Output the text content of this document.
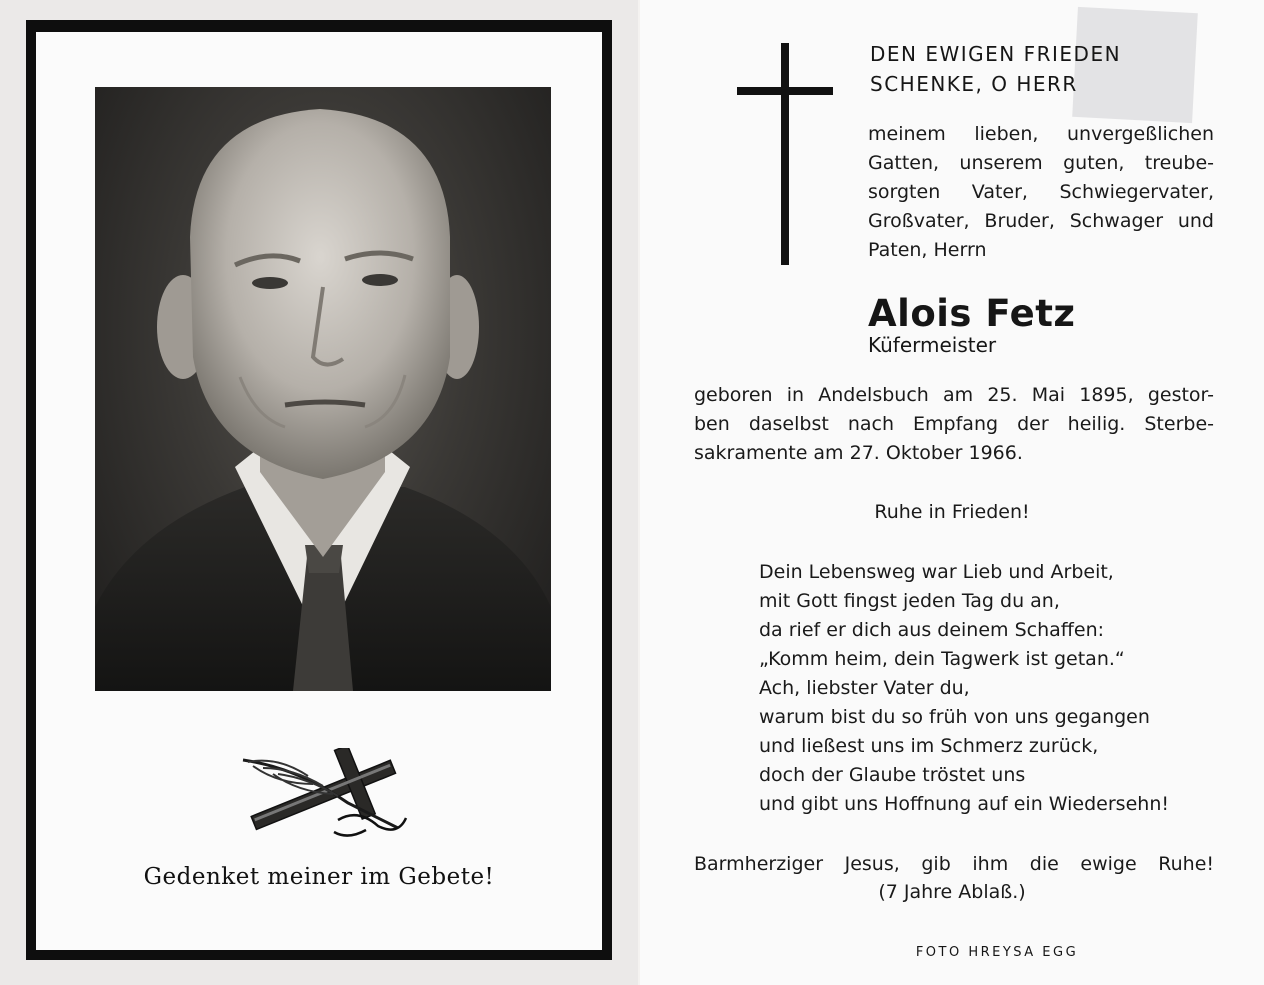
Gedenket meiner im Gebete!
DEN EWIGEN FRIEDEN
SCHENKE, O HERR
meinem lieben, unvergeßlichen
Gatten, unserem guten, treube-
sorgten Vater, Schwiegervater,
Großvater, Bruder, Schwager und
Paten, Herrn
Alois Fetz
Küfermeister
geboren in Andelsbuch am 25. Mai 1895, gestor-
ben daselbst nach Empfang der heilig. Sterbe-
sakramente am 27. Oktober 1966.
Ruhe in Frieden!
Dein Lebensweg war Lieb und Arbeit,
mit Gott fingst jeden Tag du an,
da rief er dich aus deinem Schaffen:
„Komm heim, dein Tagwerk ist getan.“
Ach, liebster Vater du,
warum bist du so früh von uns gegangen
und ließest uns im Schmerz zurück,
doch der Glaube tröstet uns
und gibt uns Hoffnung auf ein Wiedersehn!
Barmherziger Jesus, gib ihm die ewige Ruhe!
(7 Jahre Ablaß.)
FOTO HREYSA EGG
